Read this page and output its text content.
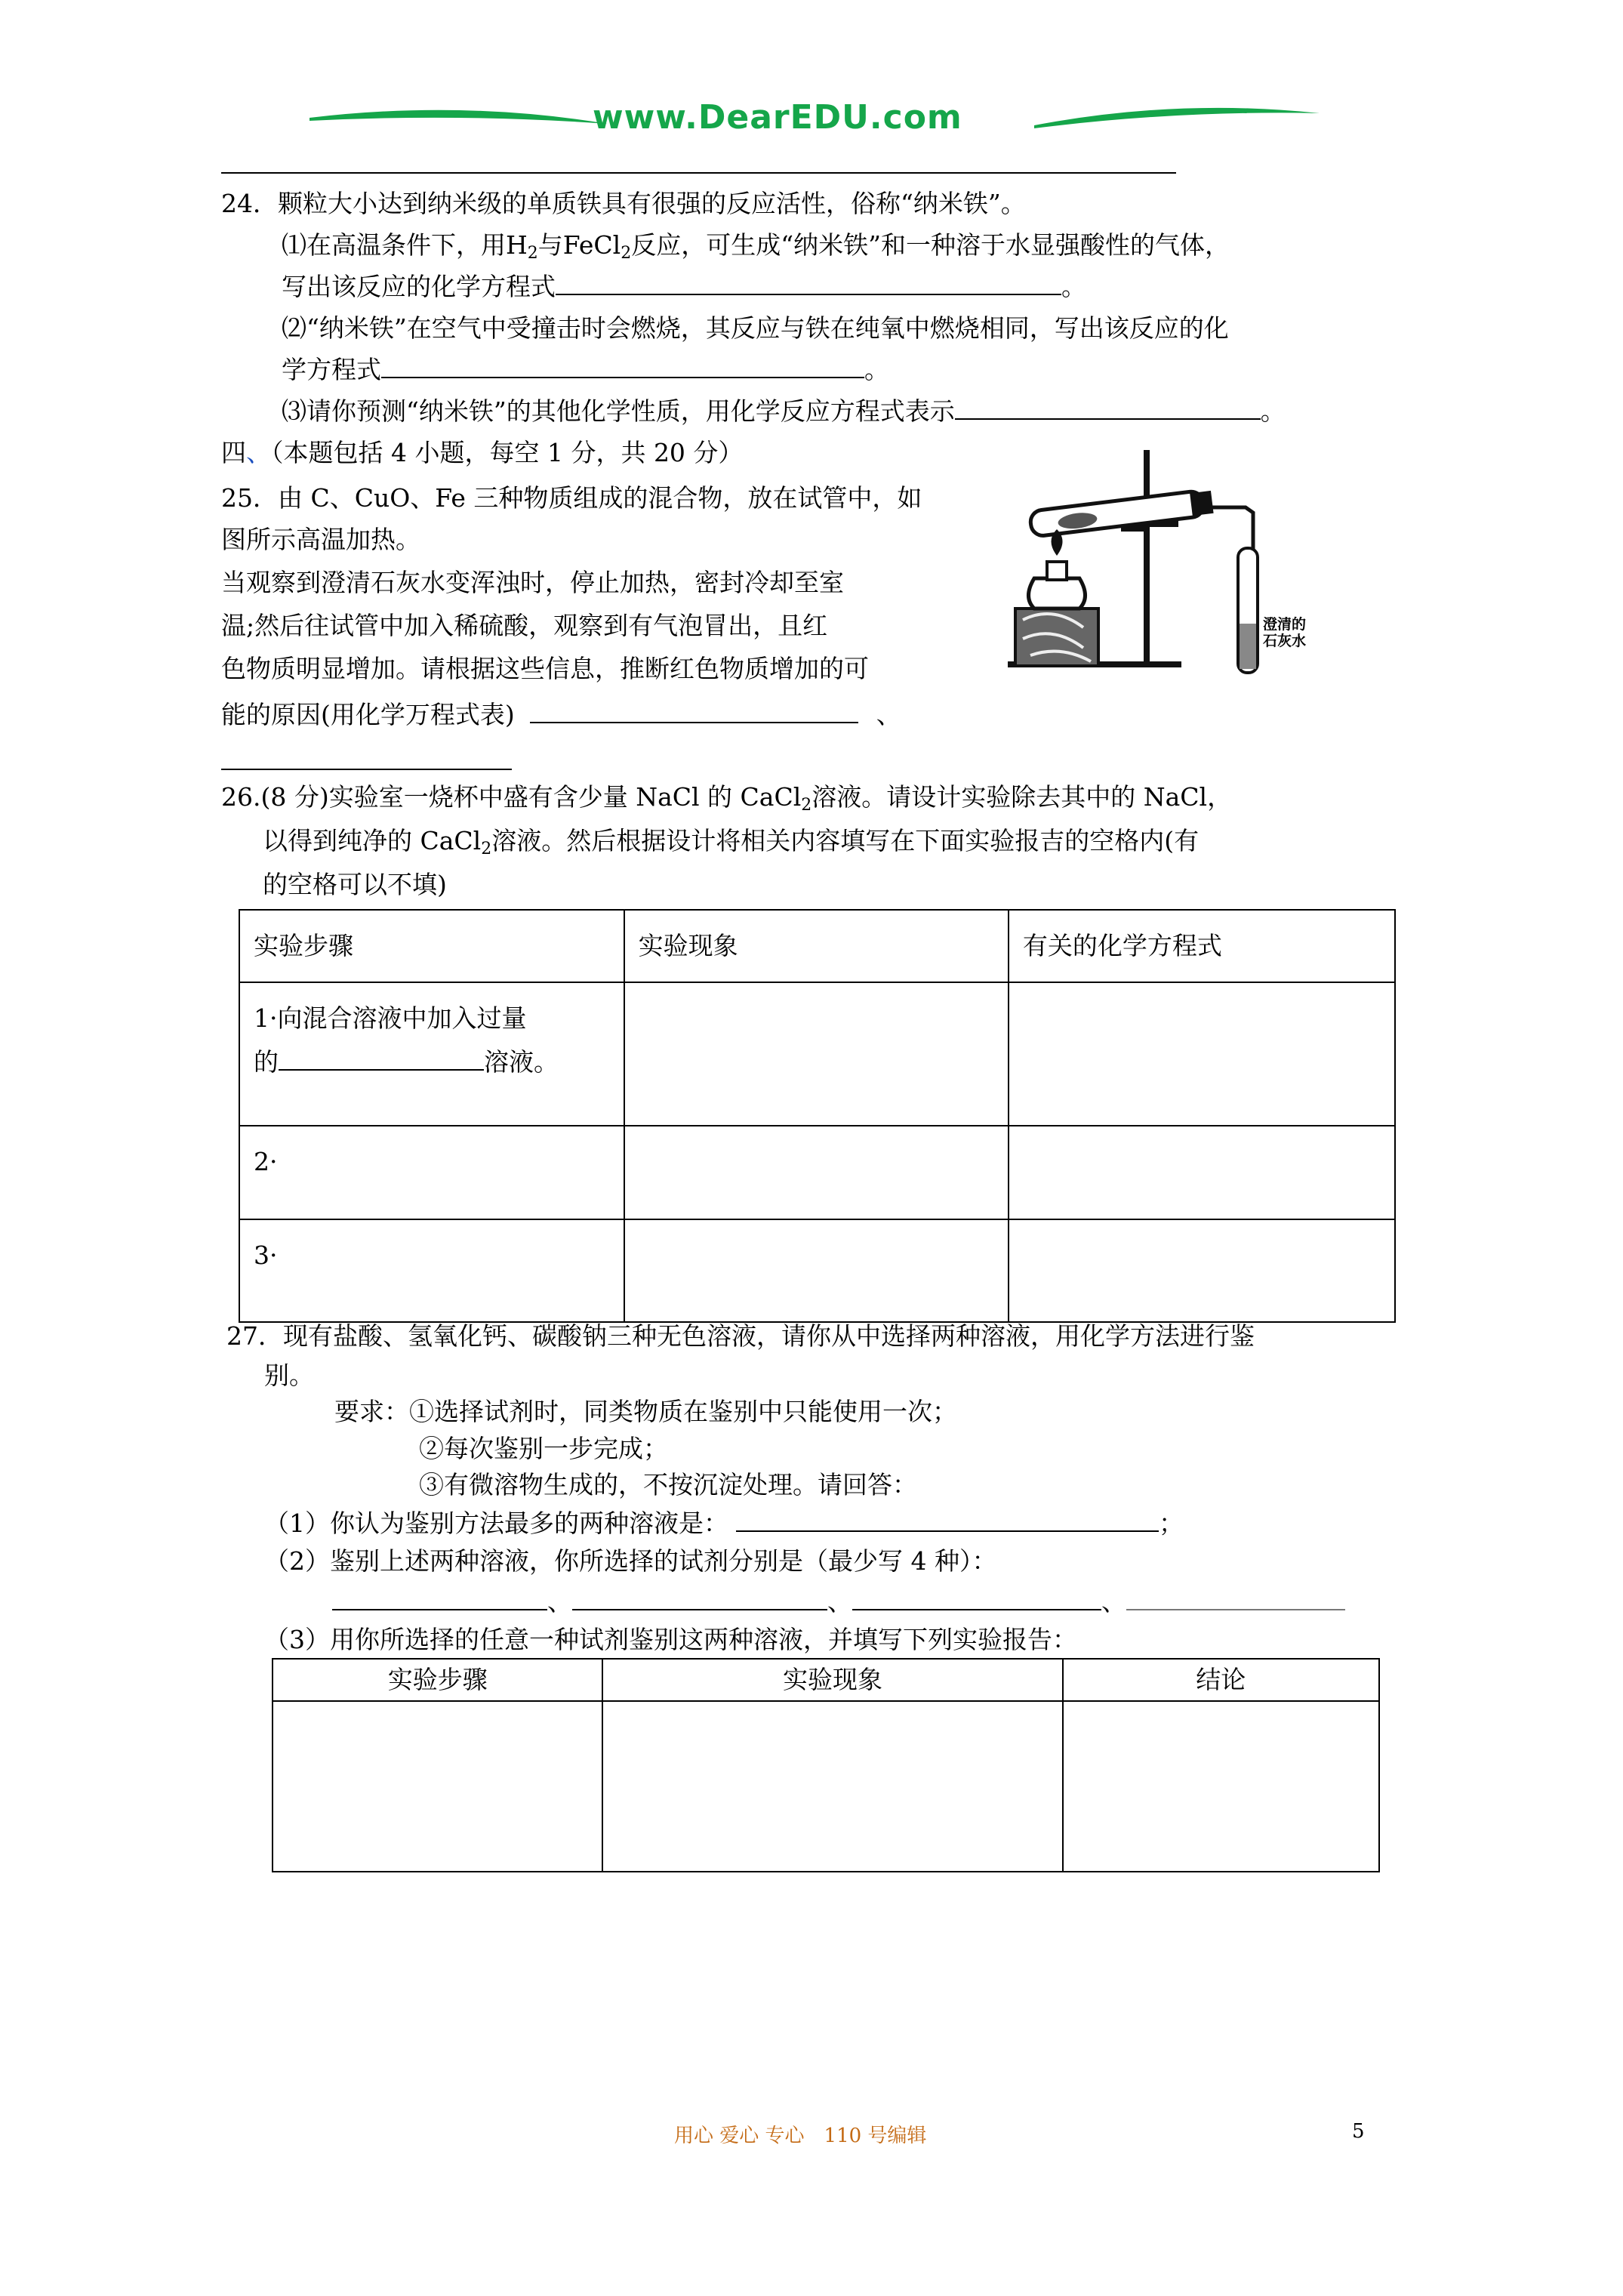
www.DearEDU.com
24．颗粒大小达到纳米级的单质铁具有很强的反应活性，俗称“纳米铁”。
⑴在高温条件下，用$H_2$与FeCl$_2$反应，可生成“纳米铁”和一种溶于水显强酸性的气体，
写出该反应的化学方程式	。
⑵“纳米铁”在空气中受撞击时会燃烧，其反应与铁在纯氧中燃烧相同，写出该反应的化
学方程式	。
⑶请你预测“纳米铁”的其他化学性质，用化学反应方程式表示	。
四、（本题包括 4 小题，每空 1 分，共 20 分）
25．由 C、CuO、Fe 三种物质组成的混合物，放在试管中，如
图所示高温加热。
当观察到澄清石灰水变浑浊时，停止加热，密封冷却至室
温;然后往试管中加入稀硫酸，观察到有气泡冒出，且红
色物质明显增加。请根据这些信息，推断红色物质增加的可
能的原因(用化学万程式表)	、
澄清的
石灰水
26.(8 分)实验室一烧杯中盛有含少量 NaCl 的 CaCl$_2$溶液。请设计实验除去其中的 NaCl，
以得到纯净的 CaCl$_2$溶液。然后根据设计将相关内容填写在下面实验报吉的空格内(有
的空格可以不填)
实验步骤	实验现象	有关的化学方程式

1·向混合溶液中加入过量
的 溶液。		

2·		
3·		
27．现有盐酸、氢氧化钙、碳酸钠三种无色溶液，请你从中选择两种溶液，用化学方法进行鉴
别。
要求：①选择试剂时，同类物质在鉴别中只能使用一次；
②每次鉴别一步完成；
③有微溶物生成的，不按沉淀处理。请回答：
（1）你认为鉴别方法最多的两种溶液是：	；
（2）鉴别上述两种溶液，你所选择的试剂分别是（最少写 4 种）：
、	、	、
（3）用你所选择的任意一种试剂鉴别这两种溶液，并填写下列实验报告：
实验步骤	实验现象	结论

用心 爱心 专心　110 号编辑	5
